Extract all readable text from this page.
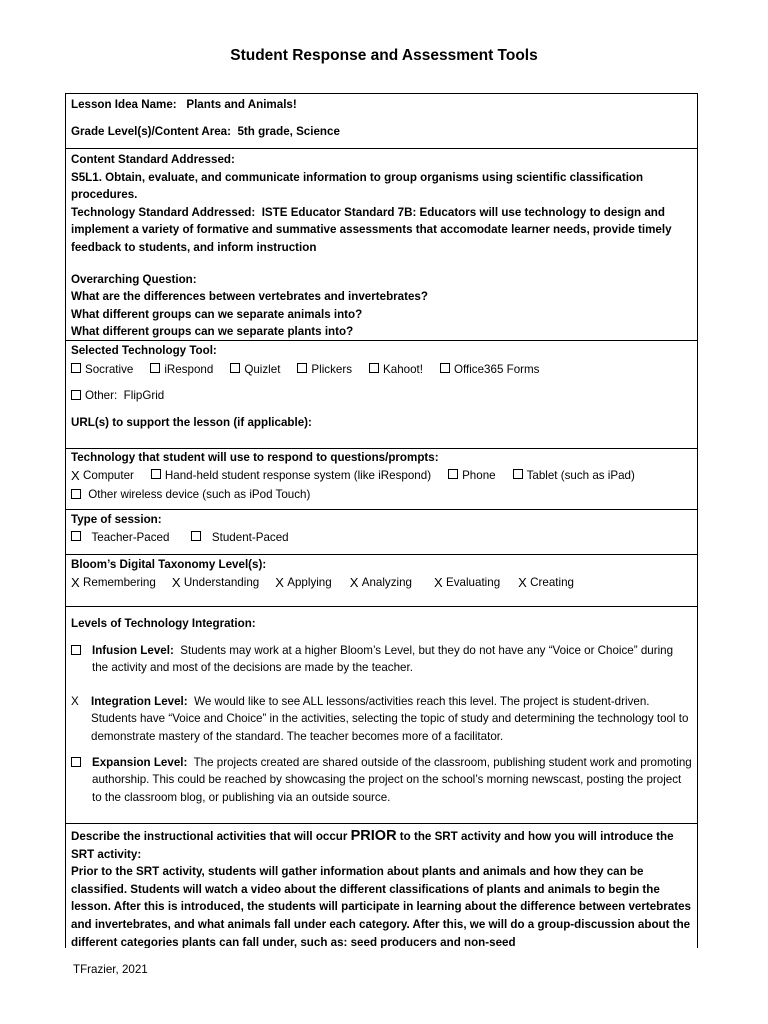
Student Response and Assessment Tools
Lesson Idea Name: Plants and Animals!
Grade Level(s)/Content Area: 5th grade, Science
Content Standard Addressed:
S5L1. Obtain, evaluate, and communicate information to group organisms using scientific classification procedures.
Technology Standard Addressed: ISTE Educator Standard 7B: Educators will use technology to design and implement a variety of formative and summative assessments that accomodate learner needs, provide timely feedback to students, and inform instruction
Overarching Question:
What are the differences between vertebrates and invertebrates?
What different groups can we separate animals into?
What different groups can we separate plants into?
Selected Technology Tool:
Socrative	iRespond	Quizlet	Plickers	Kahoot!	Office365 Forms
Other:
FlipGrid
URL(s) to support the lesson (if applicable):
Technology that student will use to respond to questions/prompts:
X Computer	Hand-held student response system (like iRespond)	Phone	Tablet (such as iPad)

Other wireless device (such as iPod Touch)
Type of session:

Teacher-Paced
	Student-Paced
Bloom’s Digital Taxonomy Level(s):
X Remembering X Understanding X Applying X Analyzing X Evaluating X Creating
Levels of Technology Integration:
Infusion Level: Students may work at a higher Bloom’s Level, but they do not have any “Voice or Choice” during the activity and most of the decisions are made by the teacher.
X Integration Level: We would like to see ALL lessons/activities reach this level. The project is student-driven. Students have “Voice and Choice” in the activities, selecting the topic of study and determining the technology tool to demonstrate mastery of the standard. The teacher becomes more of a facilitator.
Expansion Level: The projects created are shared outside of the classroom, publishing student work and promoting authorship. This could be reached by showcasing the project on the school’s morning newscast, posting the project to the classroom blog, or publishing via an outside source.
Describe the instructional activities that will occur PRIOR to the SRT activity and how you will introduce the SRT activity:
Prior to the SRT activity, students will gather information about plants and animals and how they can be classified. Students will watch a video about the different classifications of plants and animals to begin the lesson. After this is introduced, the students will participate in learning about the difference between vertebrates and invertebrates, and what animals fall under each category. After this, we will do a group-discussion about the different categories plants can fall under, such as: seed producers and non-seed
TFrazier, 2021
